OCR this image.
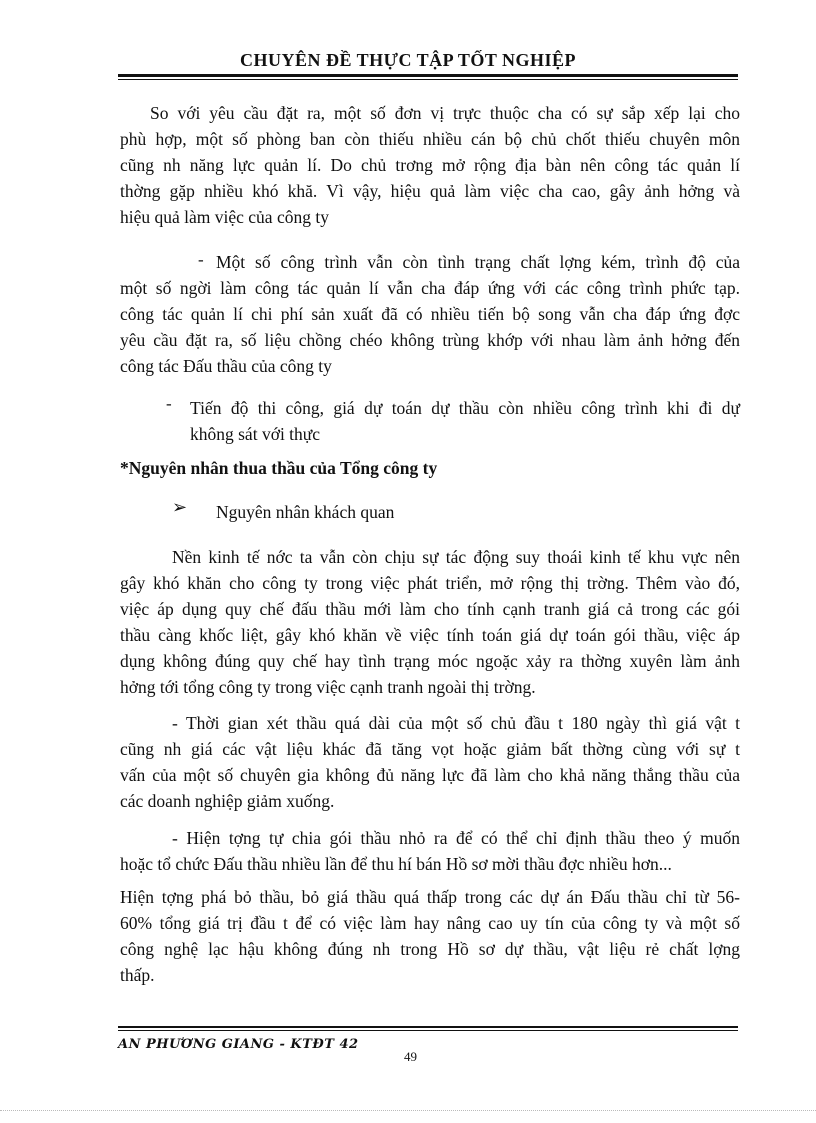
CHUYÊN ĐỀ THỰC TẬP TỐT NGHIỆP
So với yêu cầu đặt ra, một số đơn vị trực thuộc cha có sự sắp xếp lại cho
phù hợp, một số phòng ban còn thiếu nhiều cán bộ chủ chốt thiếu chuyên môn
cũng nh năng lực quản lí. Do chủ trơng mở rộng địa bàn nên công tác quản lí
thờng gặp nhiều khó khă. Vì vậy, hiệu quả làm việc cha cao, gây ảnh hởng và
hiệu quả làm việc của công ty
- Một số công trình vẫn còn tình trạng chất lợng kém, trình độ của
một số ngời làm công tác quản lí vẫn cha đáp ứng với các công trình phức tạp.
công tác quản lí chi phí sản xuất đã có nhiều tiến bộ song vẫn cha đáp ứng đợc
yêu cầu đặt ra, số liệu chồng chéo không trùng khớp với nhau làm ảnh hởng đến
công tác Đấu thầu của công ty
- Tiến độ thi công, giá dự toán dự thầu còn nhiều công trình khi đi dự
không sát với thực
*Nguyên nhân thua thầu của Tổng công ty
➢ Nguyên nhân khách quan
Nền kinh tế nớc ta vẫn còn chịu sự tác động suy thoái kinh tế khu vực nên
gây khó khăn cho công ty trong việc phát triển, mở rộng thị trờng. Thêm vào đó,
việc áp dụng quy chế đấu thầu mới làm cho tính cạnh tranh giá cả trong các gói
thầu càng khốc liệt, gây khó khăn về việc tính toán giá dự toán gói thầu, việc áp
dụng không đúng quy chế hay tình trạng móc ngoặc xảy ra thờng xuyên làm ảnh
hởng tới tổng công ty trong việc cạnh tranh ngoài thị trờng.
- Thời gian xét thầu quá dài của một số chủ đầu t 180 ngày thì giá vật t
cũng nh giá các vật liệu khác đã tăng vọt hoặc giảm bất thờng cùng với sự t
vấn của một số chuyên gia không đủ năng lực đã làm cho khả năng thắng thầu của
các doanh nghiệp giảm xuống.
- Hiện tợng tự chia gói thầu nhỏ ra để có thể chỉ định thầu theo ý muốn
hoặc tổ chức Đấu thầu nhiều lần để thu hí bán Hồ sơ mời thầu đợc nhiều hơn...
Hiện tợng phá bỏ thầu, bỏ giá thầu quá thấp trong các dự án Đấu thầu chỉ từ 56-
60% tổng giá trị đầu t để có việc làm hay nâng cao uy tín của công ty và một số
công nghệ lạc hậu không đúng nh trong Hồ sơ dự thầu, vật liệu rẻ chất lợng
thấp.
AN PHƯƠNG GIANG - KTĐT 42
49
